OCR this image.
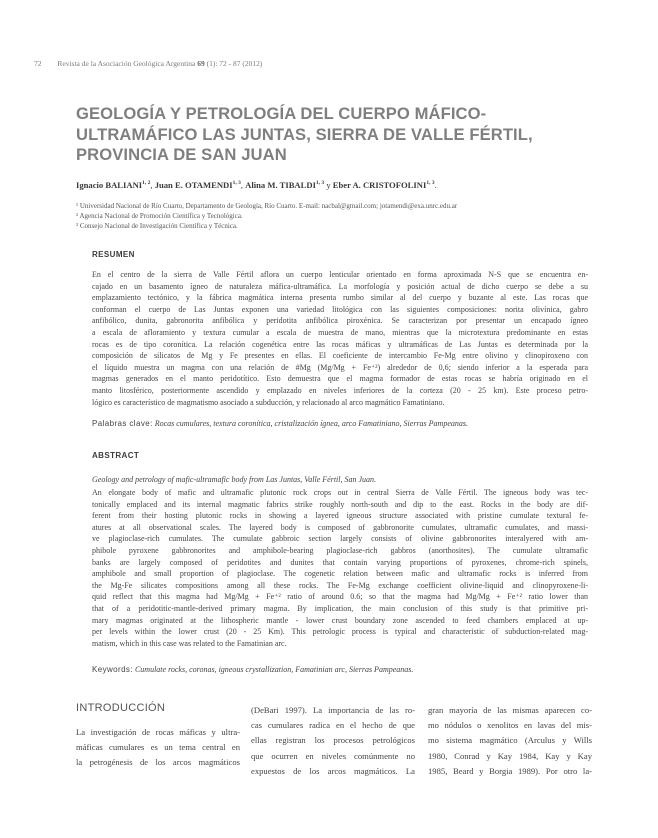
72 Revista de la Asociación Geológica Argentina 69 (1): 72 - 87 (2012)
GEOLOGÍA Y PETROLOGÍA DEL CUERPO MÁFICO-
ULTRAMÁFICO LAS JUNTAS, SIERRA DE VALLE FÉRTIL,
PROVINCIA DE SAN JUAN
Ignacio BALIANI$^{1, 2}$, Juan E. OTAMENDI$^{1, 3}$, Alina M. TIBALDI$^{1, 3}$ y Eber A. CRISTOFOLINI$^{1, 3}$.
¹ Universidad Nacional de Río Cuarto, Departamento de Geología, Río Cuarto. E-mail: nacbal@gmail.com; jotamendi@exa.unrc.edu.ar
² Agencia Nacional de Promoción Científica y Tecnológica.
³ Consejo Nacional de Investigación Científica y Técnica.
RESUMEN
En el centro de la sierra de Valle Fértil aflora un cuerpo lenticular orientado en forma aproximada N-S que se encuentra en-
cajado en un basamento ígneo de naturaleza máfica-ultramáfica. La morfología y posición actual de dicho cuerpo se debe a su
emplazamiento tectónico, y la fábrica magmática interna presenta rumbo similar al del cuerpo y buzante al este. Las rocas que
conforman el cuerpo de Las Juntas exponen una variedad litológica con las siguientes composiciones: norita olivínica, gabro
anfibólico, dunita, gabronorita anfibólica y peridotita anfibólica piroxénica. Se caracterizan por presentar un encapado ígneo
a escala de afloramiento y textura cumular a escala de muestra de mano, mientras que la microtextura predominante en estas
rocas es de tipo coronítica. La relación cogenética entre las rocas máficas y ultramáficas de Las Juntas es determinada por la
composición de silicatos de Mg y Fe presentes en ellas. El coeficiente de intercambio Fe-Mg entre olivino y clinopiroxeno con
el líquido muestra un magma con una relación de #Mg (Mg/Mg + Fe⁺²) alrededor de 0,6; siendo inferior a la esperada para
magmas generados en el manto peridotítico. Esto demuestra que el magma formador de estas rocas se habría originado en el
manto litosférico, posteriormente ascendido y emplazado en niveles inferiores de la corteza (20 - 25 km). Este proceso petro-
lógico es característico de magmatismo asociado a subducción, y relacionado al arco magmático Famatiniano.
Palabras clave: Rocas cumulares, textura coronítica, cristalización ígnea, arco Famatiniano, Sierras Pampeanas.
ABSTRACT
Geology and petrology of mafic-ultramafic body from Las Juntas, Valle Fértil, San Juan.
An elongate body of mafic and ultramafic plutonic rock crops out in central Sierra de Valle Fértil. The igneous body was tec-
tonically emplaced and its internal magmatic fabrics strike roughly north-south and dip to the east. Rocks in the body are dif-
ferent from their hosting plutonic rocks in showing a layered igneous structure associated with pristine cumulate textural fe-
atures at all observational scales. The layered body is composed of gabbronorite cumulates, ultramafic cumulates, and massi-
ve plagioclase-rich cumulates. The cumulate gabbroic section largely consists of olivine gabbronorites interalyered with am-
phibole pyroxene gabbronorites and amphibole-bearing plagioclase-rich gabbros (anorthosites). The cumulate ultramafic
banks are largely composed of peridotites and dunites that contain varying proportions of pyroxenes, chrome-rich spinels,
amphibole and small proportion of plagioclase. The cogenetic relation between mafic and ultramafic rocks is inferred from
the Mg-Fe silicates compositions among all these rocks. The Fe-Mg exchange coefficient olivine-liquid and clinopyroxene-li-
quid reflect that this magma had Mg/Mg + Fe⁺² ratio of around 0.6; so that the magma had Mg/Mg + Fe⁺² ratio lower than
that of a peridotitic-mantle-derived primary magma. By implication, the main conclusion of this study is that primitive pri-
mary magmas originated at the lithospheric mantle - lower crust boundary zone ascended to feed chambers emplaced at up-
per levels within the lower crust (20 - 25 Km). This petrologic process is typical and characteristic of subduction-related mag-
matism, which in this case was related to the Famatinian arc.
Keywords: Cumulate rocks, coronas, igneous crystallization, Famatinian arc, Sierras Pampeanas.
INTRODUCCIÓN
La investigación de rocas máficas y ultra-
máficas cumulares es un tema central en
la petrogénesis de los arcos magmáticos
(DeBari 1997). La importancia de las ro-
cas cumulares radica en el hecho de que
ellas registran los procesos petrológicos
que ocurren en niveles comúnmente no
expuestos de los arcos magmáticos. La
gran mayoría de las mismas aparecen co-
mo nódulos o xenolitos en lavas del mis-
mo sistema magmático (Arculus y Wills
1980, Conrad y Kay 1984, Kay y Kay
1985, Beard y Borgia 1989). Por otro la-
